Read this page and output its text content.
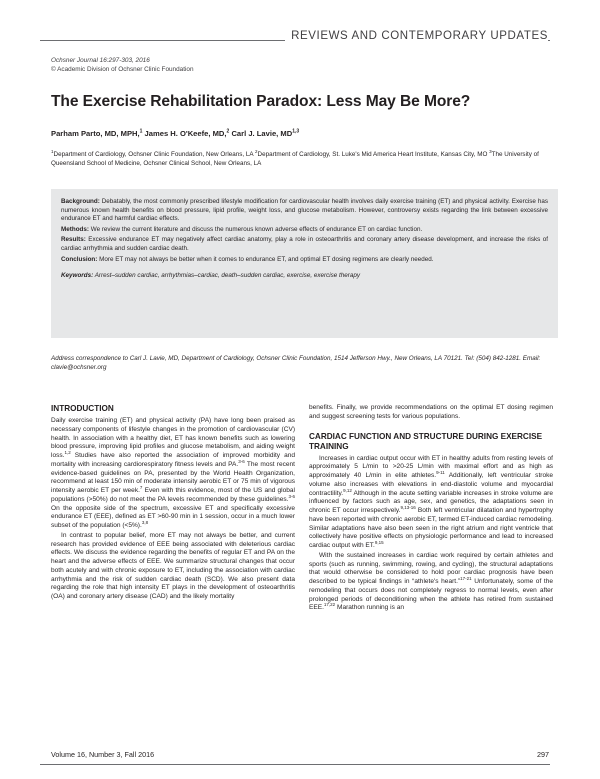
REVIEWS AND CONTEMPORARY UPDATES
Ochsner Journal 16:297-303, 2016
© Academic Division of Ochsner Clinic Foundation
The Exercise Rehabilitation Paradox: Less May Be More?
Parham Parto, MD, MPH,$^1$ James H. O'Keefe, MD,$^2$ Carl J. Lavie, MD$^{1,3}$
$^1$Department of Cardiology, Ochsner Clinic Foundation, New Orleans, LA $^2$Department of Cardiology, St. Luke's Mid America Heart Institute, Kansas City, MO $^3$The University of Queensland School of Medicine, Ochsner Clinical School, New Orleans, LA

Background: Debatably, the most commonly prescribed lifestyle modification for cardiovascular health involves daily exercise training (ET) and physical activity. Exercise has numerous known health benefits on blood pressure, lipid profile, weight loss, and glucose metabolism. However, controversy exists regarding the link between excessive endurance ET and harmful cardiac effects.

Methods: We review the current literature and discuss the numerous known adverse effects of endurance ET on cardiac function.

Results: Excessive endurance ET may negatively affect cardiac anatomy, play a role in osteoarthritis and coronary artery disease development, and increase the risks of cardiac arrhythmia and sudden cardiac death.

Conclusion: More ET may not always be better when it comes to endurance ET, and optimal ET dosing regimens are clearly needed.

Keywords: Arrest–sudden cardiac, arrhythmias–cardiac, death–sudden cardiac, exercise, exercise therapy

Address correspondence to Carl J. Lavie, MD, Department of Cardiology, Ochsner Clinic Foundation, 1514 Jefferson Hwy., New Orleans, LA 70121. Tel: (504) 842-1281. Email: clavie@ochsner.org
INTRODUCTION

Daily exercise training (ET) and physical activity (PA) have long been praised as necessary components of lifestyle changes in the promotion of cardiovascular (CV) health. In association with a healthy diet, ET has known benefits such as lowering blood pressure, improving lipid profiles and glucose metabolism, and aiding weight loss.$^{1,2}$ Studies have also reported the association of improved morbidity and mortality with increasing cardiorespiratory fitness levels and PA.$^{3-6}$ The most recent evidence-based guidelines on PA, presented by the World Health Organization, recommend at least 150 min of moderate intensity aerobic ET or 75 min of vigorous intensity aerobic ET per week.$^7$ Even with this evidence, most of the US and global populations (>50%) do not meet the PA levels recommended by these guidelines.$^{3-6}$ On the opposite side of the spectrum, excessive ET and specifically excessive endurance ET (EEE), defined as ET >60-90 min in 1 session, occur in a much lower subset of the population (<5%).$^{3,8}$

In contrast to popular belief, more ET may not always be better, and current research has provided evidence of EEE being associated with deleterious cardiac effects. We discuss the evidence regarding the benefits of regular ET and PA on the heart and the adverse effects of EEE. We summarize structural changes that occur both acutely and with chronic exposure to ET, including the association with cardiac arrhythmia and the risk of sudden cardiac death (SCD). We also present data regarding the role that high intensity ET plays in the development of osteoarthritis (OA) and coronary artery disease (CAD) and the likely mortality

benefits. Finally, we provide recommendations on the optimal ET dosing regimen and suggest screening tests for various populations.

CARDIAC FUNCTION AND STRUCTURE DURING EXERCISE TRAINING

Increases in cardiac output occur with ET in healthy adults from resting levels of approximately 5 L/min to >20-25 L/min with maximal effort and as high as approximately 40 L/min in elite athletes.$^{9-11}$ Additionally, left ventricular stroke volume also increases with elevations in end-diastolic volume and myocardial contractility.$^{9,12}$ Although in the acute setting variable increases in stroke volume are influenced by factors such as age, sex, and genetics, the adaptations seen in chronic ET occur irrespectively.$^{9,13-16}$ Both left ventricular dilatation and hypertrophy have been reported with chronic aerobic ET, termed ET-induced cardiac remodeling. Similar adaptations have also been seen in the right atrium and right ventricle that collectively have positive effects on physiologic performance and lead to increased cardiac output with ET.$^{9,15}$

With the sustained increases in cardiac work required by certain athletes and sports (such as running, swimming, rowing, and cycling), the structural adaptations that would otherwise be considered to hold poor cardiac prognosis have been described to be typical findings in “athlete's heart.”$^{17-21}$ Unfortunately, some of the remodeling that occurs does not completely regress to normal levels, even after prolonged periods of deconditioning when the athlete has retired from sustained EEE.$^{17,22}$ Marathon running is an

Volume 16, Number 3, Fall 2016	297
